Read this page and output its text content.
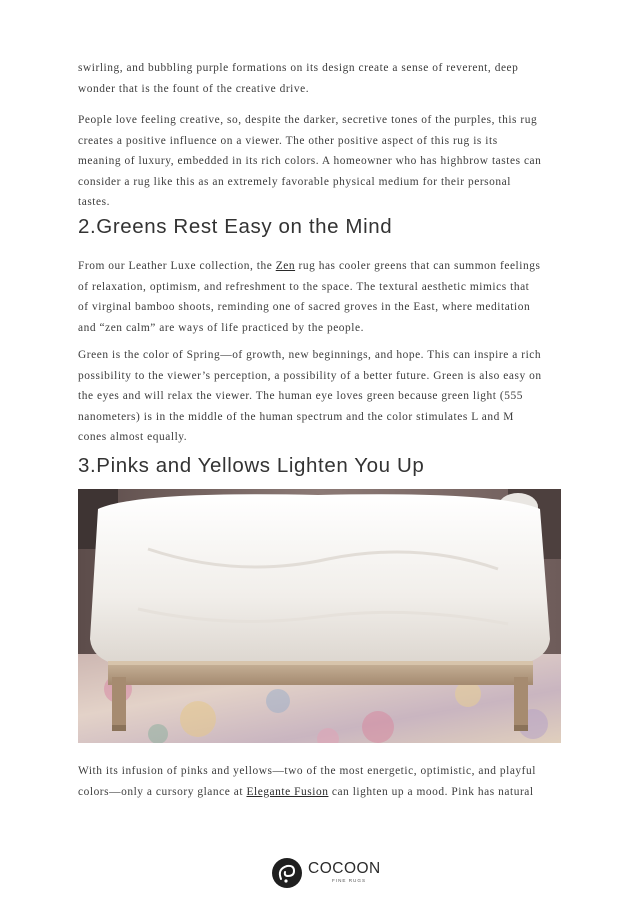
swirling, and bubbling purple formations on its design create a sense of reverent, deep
wonder that is the fount of the creative drive.

People love feeling creative, so, despite the darker, secretive tones of the purples, this rug
creates a positive influence on a viewer. The other positive aspect of this rug is its
meaning of luxury, embedded in its rich colors. A homeowner who has highbrow tastes can
consider a rug like this as an extremely favorable physical medium for their personal
tastes.

2.Greens Rest Easy on the Mind

From our Leather Luxe collection, the Zen rug has cooler greens that can summon feelings
of relaxation, optimism, and refreshment to the space. The textural aesthetic mimics that
of virginal bamboo shoots, reminding one of sacred groves in the East, where meditation
and “zen calm” are ways of life practiced by the people.

Green is the color of Spring—of growth, new beginnings, and hope. This can inspire a rich
possibility to the viewer’s perception, a possibility of a better future. Green is also easy on
the eyes and will relax the viewer. The human eye loves green because green light (555
nanometers) is in the middle of the human spectrum and the color stimulates L and M
cones almost equally.

3.Pinks and Yellows Lighten You Up

With its infusion of pinks and yellows—two of the most energetic, optimistic, and playful
colors—only a cursory glance at Elegante Fusion can lighten up a mood. Pink has natural

COCOON
FINE RUGS
